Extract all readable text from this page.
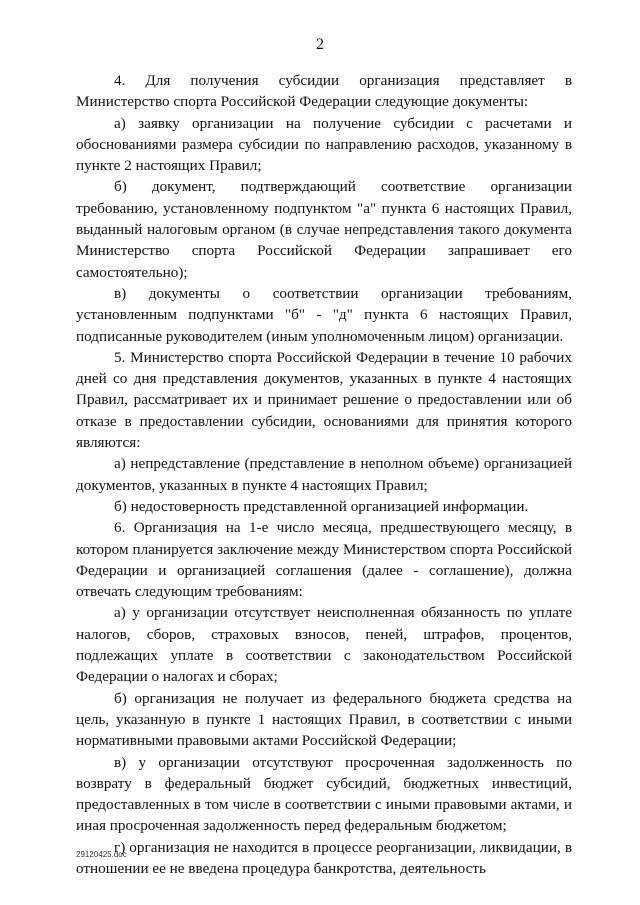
2

4. Для получения субсидии организация представляет в Министерство спорта Российской Федерации следующие документы:

а) заявку организации на получение субсидии с расчетами и обоснованиями размера субсидии по направлению расходов, указанному в пункте 2 настоящих Правил;

б) документ, подтверждающий соответствие организации требованию, установленному подпунктом "а" пункта 6 настоящих Правил, выданный налоговым органом (в случае непредставления такого документа Министерство спорта Российской Федерации запрашивает его самостоятельно);

в) документы о соответствии организации требованиям, установленным подпунктами "б" - "д" пункта 6 настоящих Правил, подписанные руководителем (иным уполномоченным лицом) организации.

5. Министерство спорта Российской Федерации в течение 10 рабочих дней со дня представления документов, указанных в пункте 4 настоящих Правил, рассматривает их и принимает решение о предоставлении или об отказе в предоставлении субсидии, основаниями для принятия которого являются:

а) непредставление (представление в неполном объеме) организацией документов, указанных в пункте 4 настоящих Правил;

б) недостоверность представленной организацией информации.

6. Организация на 1-е число месяца, предшествующего месяцу, в котором планируется заключение между Министерством спорта Российской Федерации и организацией соглашения (далее - соглашение), должна отвечать следующим требованиям:

а) у организации отсутствует неисполненная обязанность по уплате налогов, сборов, страховых взносов, пеней, штрафов, процентов, подлежащих уплате в соответствии с законодательством Российской Федерации о налогах и сборах;

б) организация не получает из федерального бюджета средства на цель, указанную в пункте 1 настоящих Правил, в соответствии с иными нормативными правовыми актами Российской Федерации;

в) у организации отсутствуют просроченная задолженность по возврату в федеральный бюджет субсидий, бюджетных инвестиций, предоставленных в том числе в соответствии с иными правовыми актами, и иная просроченная задолженность перед федеральным бюджетом;

г) организация не находится в процессе реорганизации, ликвидации, в отношении ее не введена процедура банкротства, деятельность

29120425.doc
